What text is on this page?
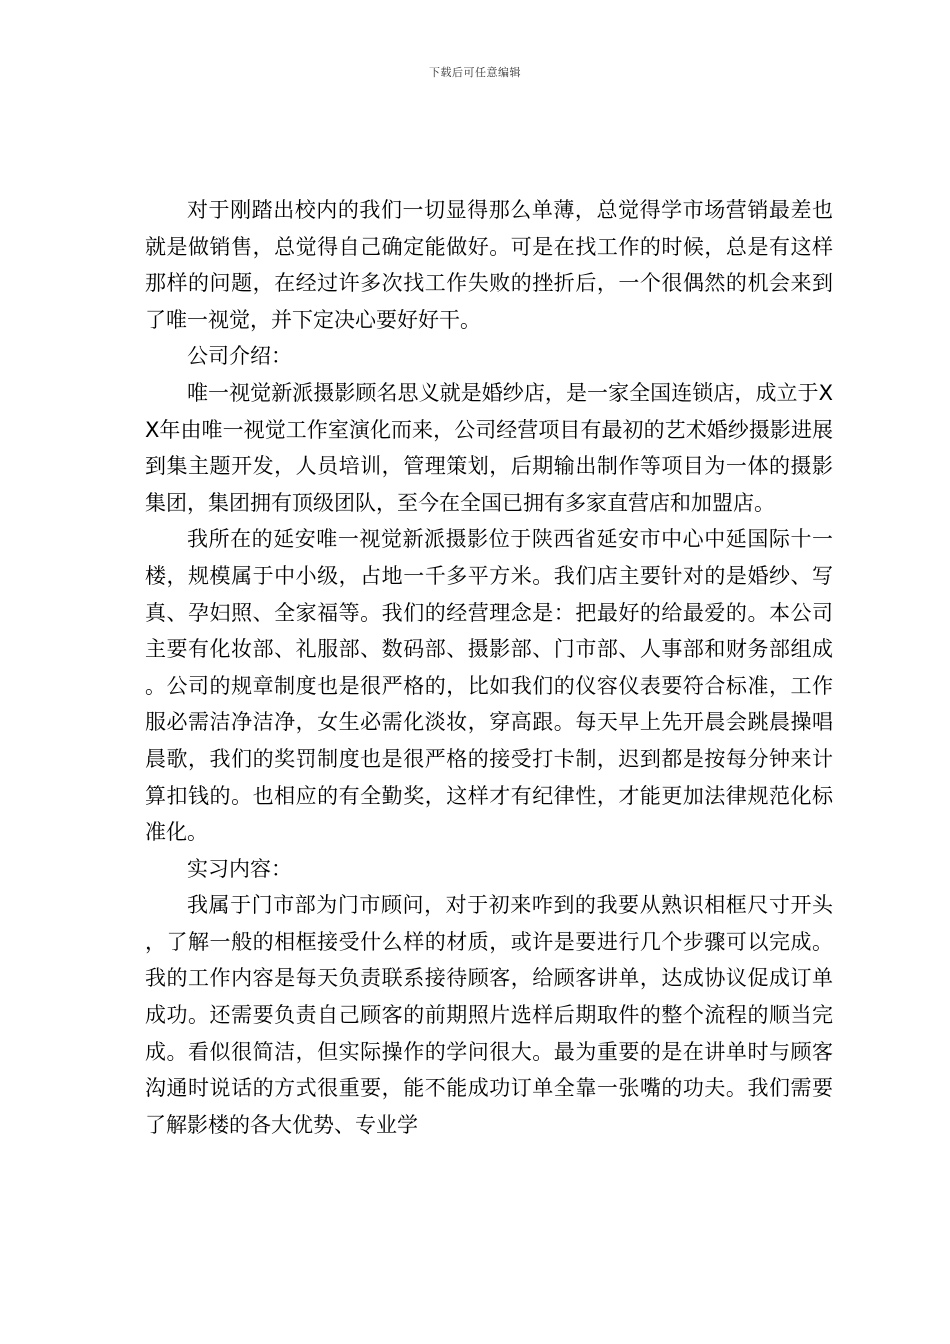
下载后可任意编辑

对于刚踏出校内的我们一切显得那么单薄，总觉得学市场营销最差也就是做销售，总觉得自己确定能做好。可是在找工作的时候，总是有这样那样的问题，在经过许多次找工作失败的挫折后，一个很偶然的机会来到了唯一视觉，并下定决心要好好干。

公司介绍：

唯一视觉新派摄影顾名思义就是婚纱店，是一家全国连锁店，成立于XX年由唯一视觉工作室演化而来，公司经营项目有最初的艺术婚纱摄影进展到集主题开发，人员培训，管理策划，后期输出制作等项目为一体的摄影集团，集团拥有顶级团队，至今在全国已拥有多家直营店和加盟店。

我所在的延安唯一视觉新派摄影位于陕西省延安市中心中延国际十一楼，规模属于中小级，占地一千多平方米。我们店主要针对的是婚纱、写真、孕妇照、全家福等。我们的经营理念是：把最好的给最爱的。本公司主要有化妆部、礼服部、数码部、摄影部、门市部、人事部和财务部组成。公司的规章制度也是很严格的，比如我们的仪容仪表要符合标准，工作服必需洁净洁净，女生必需化淡妆，穿高跟。每天早上先开晨会跳晨操唱晨歌，我们的奖罚制度也是很严格的接受打卡制，迟到都是按每分钟来计算扣钱的。也相应的有全勤奖，这样才有纪律性，才能更加法律规范化标准化。

实习内容：

我属于门市部为门市顾问，对于初来咋到的我要从熟识相框尺寸开头，了解一般的相框接受什么样的材质，或许是要进行几个步骤可以完成。我的工作内容是每天负责联系接待顾客，给顾客讲单，达成协议促成订单成功。还需要负责自己顾客的前期照片选样后期取件的整个流程的顺当完成。看似很简洁，但实际操作的学问很大。最为重要的是在讲单时与顾客沟通时说话的方式很重要，能不能成功订单全靠一张嘴的功夫。我们需要了解影楼的各大优势、专业学
